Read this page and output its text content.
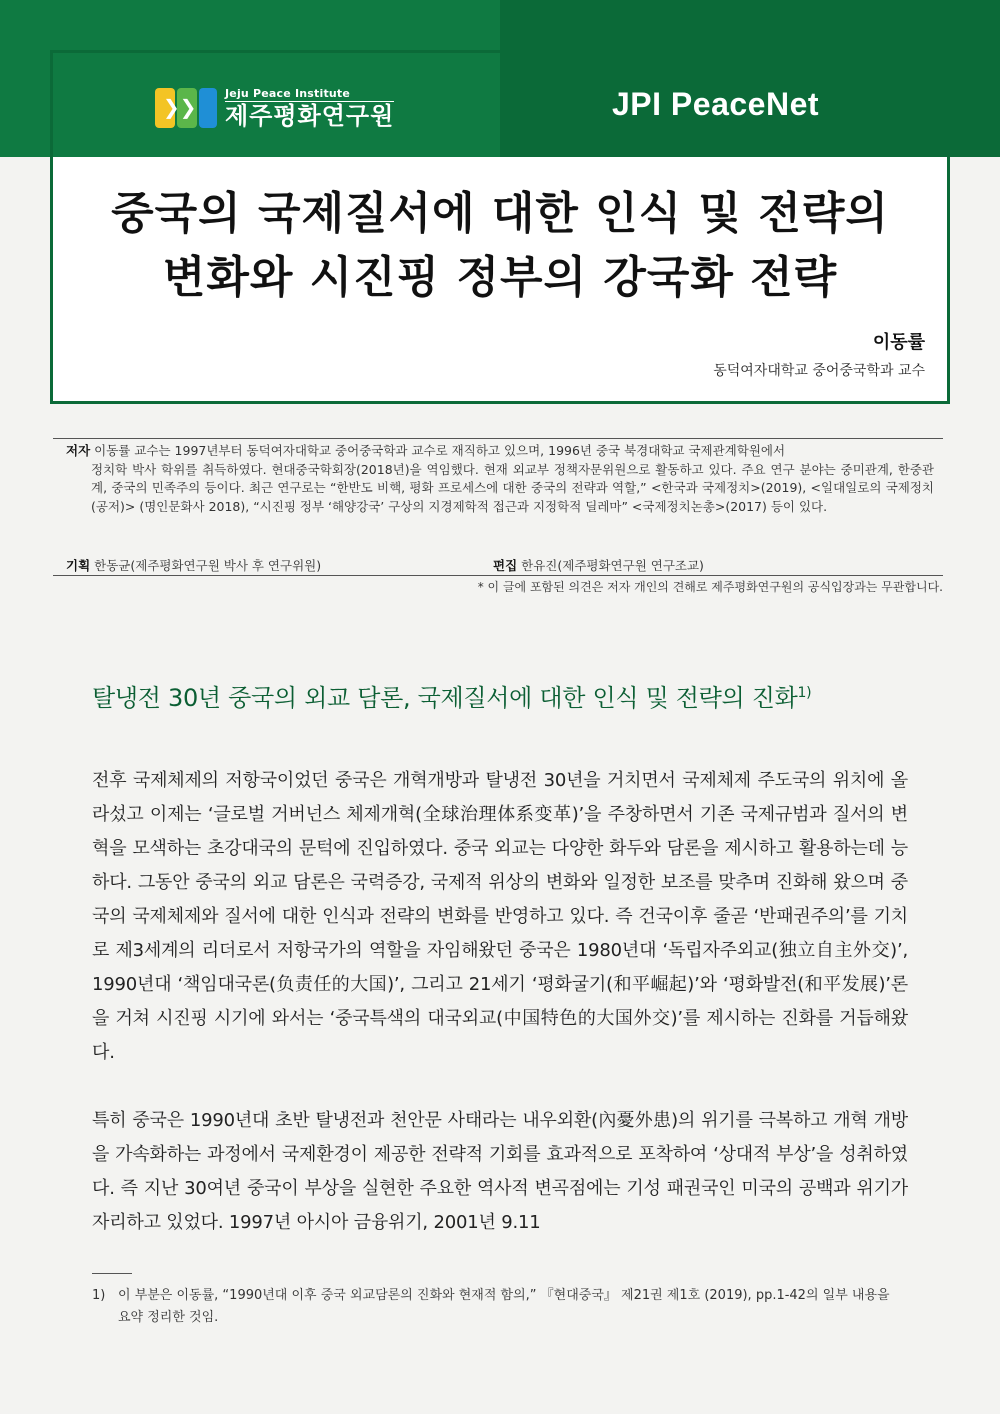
❯❯
Jeju Peace Institute
제주평화연구원	JPI PeaceNet
중국의 국제질서에 대한 인식 및 전략의
변화와 시진핑 정부의 강국화 전략
이동률
동덕여자대학교 중어중국학과 교수
저자 이동률 교수는 1997년부터 동덕여자대학교 중어중국학과 교수로 재직하고 있으며, 1996년 중국 북경대학교 국제관계학원에서
정치학 박사 학위를 취득하였다. 현대중국학회장(2018년)을 역임했다. 현재 외교부 정책자문위원으로 활동하고 있다. 주요 연구 분야는 중미관계, 한중관계, 중국의 민족주의 등이다. 최근 연구로는 “한반도 비핵, 평화 프로세스에 대한 중국의 전략과 역할,” <한국과 국제정치>(2019), <일대일로의 국제정치 (공저)> (명인문화사 2018), “시진핑 정부 ‘해양강국’ 구상의 지경제학적 접근과 지정학적 딜레마” <국제정치논총>(2017) 등이 있다.
기획 한동균(제주평화연구원 박사 후 연구위원)	편집 한유진(제주평화연구원 연구조교)
* 이 글에 포함된 의견은 저자 개인의 견해로 제주평화연구원의 공식입장과는 무관합니다.
탈냉전 30년 중국의 외교 담론, 국제질서에 대한 인식 및 전략의 진화$^{1)}$
전후 국제체제의 저항국이었던 중국은 개혁개방과 탈냉전 30년을 거치면서 국제체제 주도국의 위치에 올라섰고 이제는 ‘글로벌 거버넌스 체제개혁(全球治理体系变革)’을 주창하면서 기존 국제규범과 질서의 변혁을 모색하는 초강대국의 문턱에 진입하였다. 중국 외교는 다양한 화두와 담론을 제시하고 활용하는데 능하다. 그동안 중국의 외교 담론은 국력증강, 국제적 위상의 변화와 일정한 보조를 맞추며 진화해 왔으며 중국의 국제체제와 질서에 대한 인식과 전략의 변화를 반영하고 있다. 즉 건국이후 줄곧 ‘반패권주의’를 기치로 제3세계의 리더로서 저항국가의 역할을 자임해왔던 중국은 1980년대 ‘독립자주외교(独立自主外交)’, 1990년대 ‘책임대국론(负责任的大国)’, 그리고 21세기 ‘평화굴기(和平崛起)’와 ‘평화발전(和平发展)’론을 거쳐 시진핑 시기에 와서는 ‘중국특색의 대국외교(中国特色的大国外交)’를 제시하는 진화를 거듭해왔다.
특히 중국은 1990년대 초반 탈냉전과 천안문 사태라는 내우외환(內憂外患)의 위기를 극복하고 개혁 개방을 가속화하는 과정에서 국제환경이 제공한 전략적 기회를 효과적으로 포착하여 ‘상대적 부상’을 성취하였다. 즉 지난 30여년 중국이 부상을 실현한 주요한 역사적 변곡점에는 기성 패권국인 미국의 공백과 위기가 자리하고 있었다. 1997년 아시아 금융위기, 2001년 9.11
1) 이 부분은 이동률, “1990년대 이후 중국 외교담론의 진화와 현재적 함의,” 『현대중국』 제21권 제1호 (2019), pp.1-42의 일부 내용을
요약 정리한 것임.
